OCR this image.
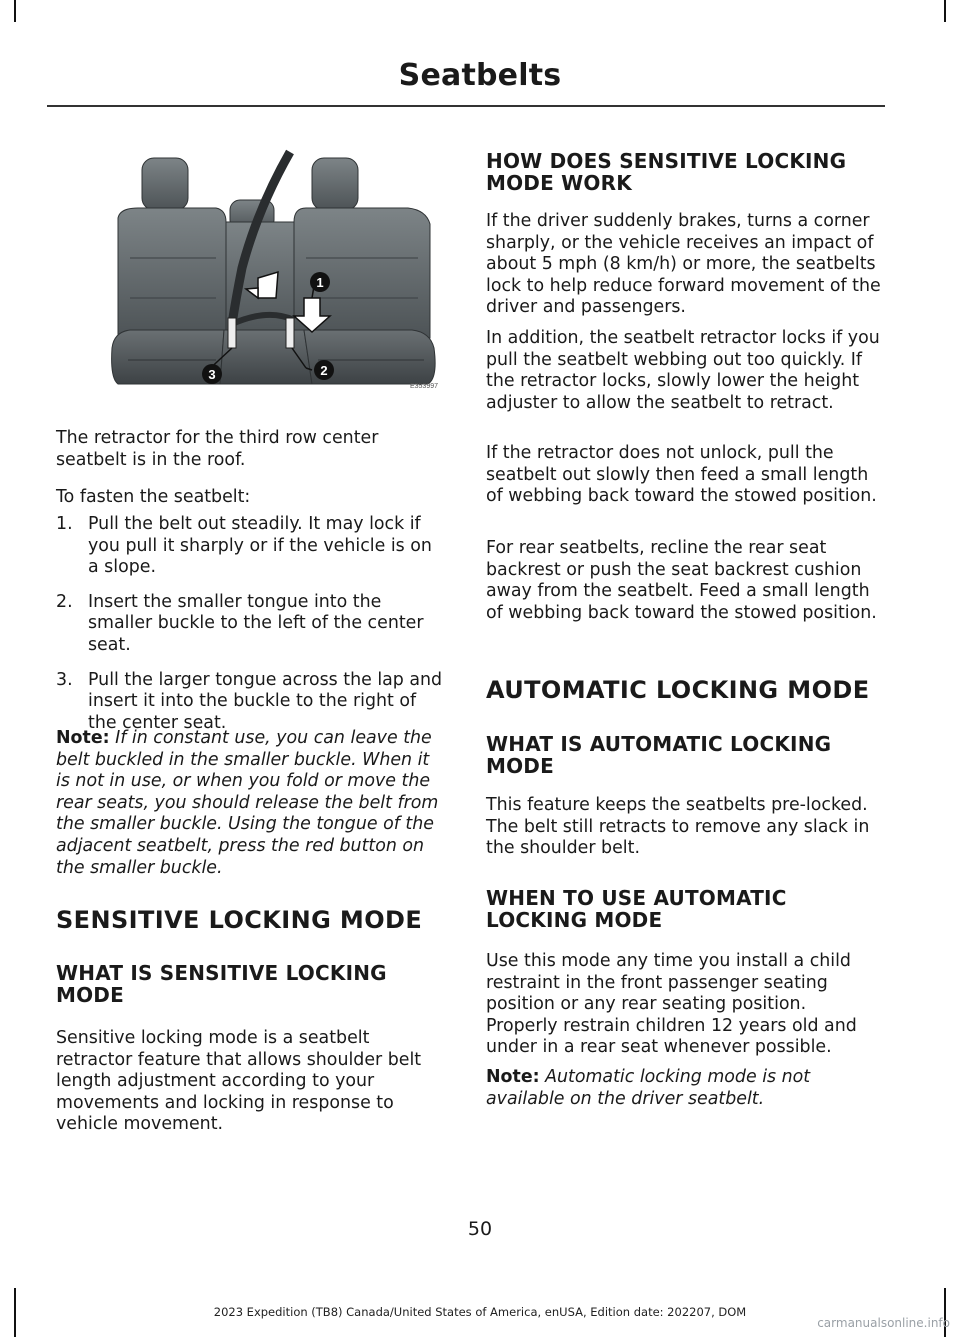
Seatbelts
1
2
3
E353997

The retractor for the third row center seatbelt is in the roof.

To fasten the seatbelt:

1. Pull the belt out steadily. It may lock if you pull it sharply or if the vehicle is on a slope.
2. Insert the smaller tongue into the smaller buckle to the left of the center seat.
3. Pull the larger tongue across the lap and insert it into the buckle to the right of the center seat.

Note: If in constant use, you can leave the belt buckled in the smaller buckle. When it is not in use, or when you fold or move the rear seats, you should release the belt from the smaller buckle. Using the tongue of the adjacent seatbelt, press the red button on the smaller buckle.

SENSITIVE LOCKING MODE
WHAT IS SENSITIVE LOCKING MODE

Sensitive locking mode is a seatbelt retractor feature that allows shoulder belt length adjustment according to your movements and locking in response to vehicle movement.

HOW DOES SENSITIVE LOCKING MODE WORK

If the driver suddenly brakes, turns a corner sharply, or the vehicle receives an impact of about 5 mph (8 km/h) or more, the seatbelts lock to help reduce forward movement of the driver and passengers.

In addition, the seatbelt retractor locks if you pull the seatbelt webbing out too quickly. If the retractor locks, slowly lower the height adjuster to allow the seatbelt to retract.

If the retractor does not unlock, pull the seatbelt out slowly then feed a small length of webbing back toward the stowed position.

For rear seatbelts, recline the rear seat backrest or push the seat backrest cushion away from the seatbelt. Feed a small length of webbing back toward the stowed position.

AUTOMATIC LOCKING MODE
WHAT IS AUTOMATIC LOCKING MODE

This feature keeps the seatbelts pre-locked. The belt still retracts to remove any slack in the shoulder belt.

WHEN TO USE AUTOMATIC LOCKING MODE

Use this mode any time you install a child restraint in the front passenger seating position or any rear seating position. Properly restrain children 12 years old and under in a rear seat whenever possible.

Note: Automatic locking mode is not available on the driver seatbelt.

50
2023 Expedition (TB8) Canada/United States of America, enUSA, Edition date: 202207, DOM
carmanualsonline.info
